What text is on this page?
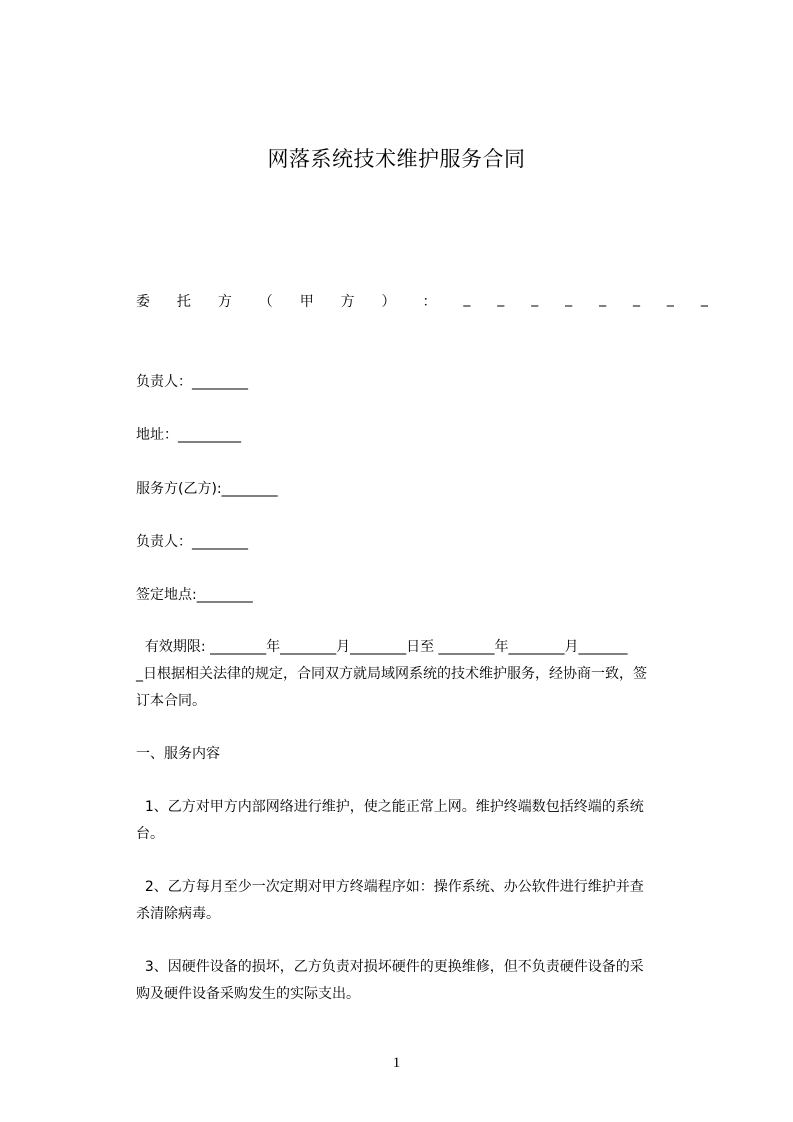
网落系统技术维护服务合同
委 托 方 （ 甲 方 ） ： _ _ _ _ _ _ _ _
负责人：________
地址：_________
服务方(乙方):________
负责人：________
签定地点:________

有效期限: ________年________月________日至 ________年________月_______

_日根据相关法律的规定，合同双方就局域网系统的技术维护服务，经协商一致，签

订本合同。

一、服务内容

1、乙方对甲方内部网络进行维护，使之能正常上网。维护终端数包括终端的系统

台。

2、乙方每月至少一次定期对甲方终端程序如：操作系统、办公软件进行维护并查

杀清除病毒。

3、因硬件设备的损坏，乙方负责对损坏硬件的更换维修，但不负责硬件设备的采

购及硬件设备采购发生的实际支出。

1
